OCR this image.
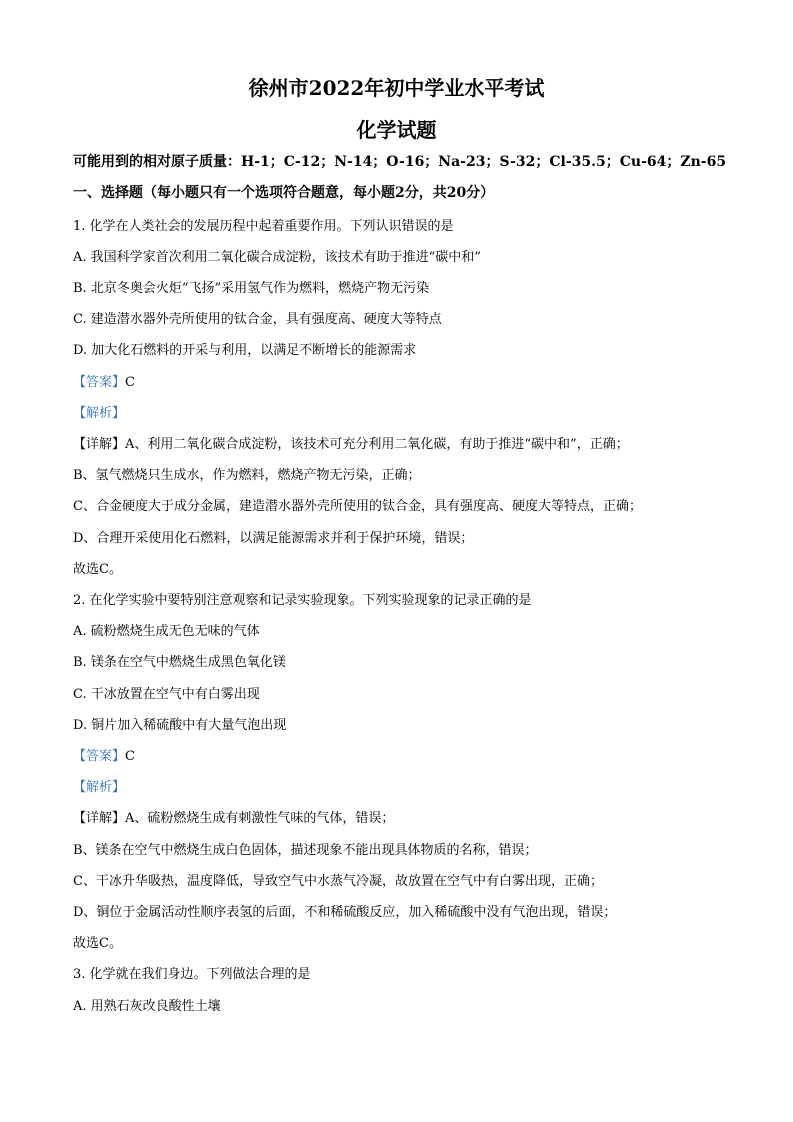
徐州市2022年初中学业水平考试
化学试题
可能用到的相对原子质量：H-1；C-12；N-14；O-16；Na-23；S-32；Cl-35.5；Cu-64；Zn-65
一、选择题（每小题只有一个选项符合题意，每小题2分，共20分）
1. 化学在人类社会的发展历程中起着重要作用。下列认识错误的是
A. 我国科学家首次利用二氧化碳合成淀粉，该技术有助于推进“碳中和”
B. 北京冬奥会火炬“飞扬”采用氢气作为燃料，燃烧产物无污染
C. 建造潜水器外壳所使用的钛合金，具有强度高、硬度大等特点
D. 加大化石燃料的开采与利用，以满足不断增长的能源需求
【答案】C
【解析】
【详解】A、利用二氧化碳合成淀粉，该技术可充分利用二氧化碳，有助于推进“碳中和”，正确；
B、氢气燃烧只生成水，作为燃料，燃烧产物无污染，正确；
C、合金硬度大于成分金属，建造潜水器外壳所使用的钛合金，具有强度高、硬度大等特点，正确；
D、合理开采使用化石燃料，以满足能源需求并利于保护环境，错误；
故选C。
2. 在化学实验中要特别注意观察和记录实验现象。下列实验现象的记录正确的是
A. 硫粉燃烧生成无色无味的气体
B. 镁条在空气中燃烧生成黑色氧化镁
C. 干冰放置在空气中有白雾出现
D. 铜片加入稀硫酸中有大量气泡出现
【答案】C
【解析】
【详解】A、硫粉燃烧生成有刺激性气味的气体，错误；
B、镁条在空气中燃烧生成白色固体，描述现象不能出现具体物质的名称，错误；
C、干冰升华吸热，温度降低，导致空气中水蒸气冷凝，故放置在空气中有白雾出现，正确；
D、铜位于金属活动性顺序表氢的后面，不和稀硫酸反应，加入稀硫酸中没有气泡出现，错误；
故选C。
3. 化学就在我们身边。下列做法合理的是
A. 用熟石灰改良酸性土壤
